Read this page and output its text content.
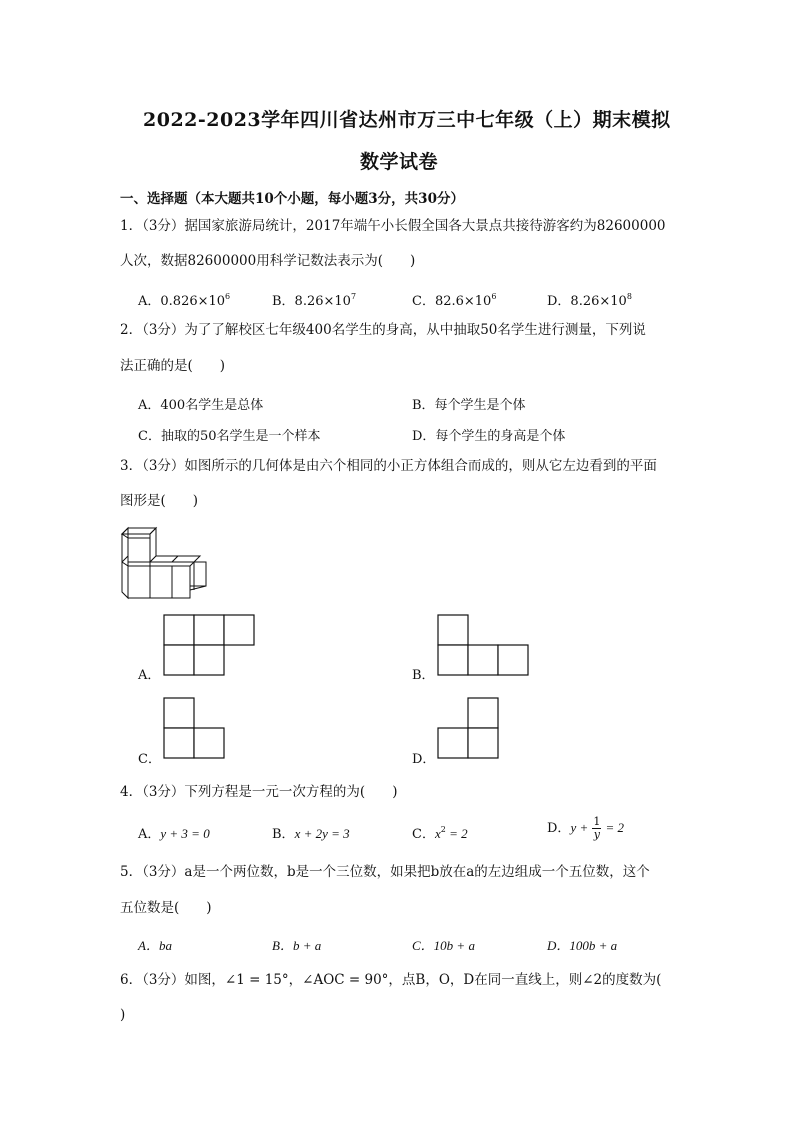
2022-2023学年四川省达州市万三中七年级（上）期末模拟
数学试卷
一、选择题（本大题共10个小题，每小题3分，共30分）
1．（3分）据国家旅游局统计，2017年端午小长假全国各大景点共接待游客约为82600000
人次，数据82600000用科学记数法表示为(　　)
A．$0.826\times 10^6$	B．$8.26\times 10^7$	C．$82.6\times 10^6$	D．$8.26\times 10^8$
2．（3分）为了了解校区七年级400名学生的身高，从中抽取50名学生进行测量，下列说
法正确的是(　　)
A．400名学生是总体	B．每个学生是个体
C．抽取的50名学生是一个样本	D．每个学生的身高是个体
3．（3分）如图所示的几何体是由六个相同的小正方体组合而成的，则从它左边看到的平面
图形是(　　)
A．	B．
C．	D．
4．（3分）下列方程是一元一次方程的为(　　)
A．y + 3 = 0	B．x + 2y = 3	C．$x^2 = 2$	D．$y + \frac{1}{y} = 2$
5．（3分）a是一个两位数，b是一个三位数，如果把b放在a的左边组成一个五位数，这个
五位数是(　　)
A．ba	B．b + a	C．10b + a	D．100b + a
6．（3分）如图，∠1 = 15°，∠AOC = 90°，点B，O，D在同一直线上，则∠2的度数为(
)
